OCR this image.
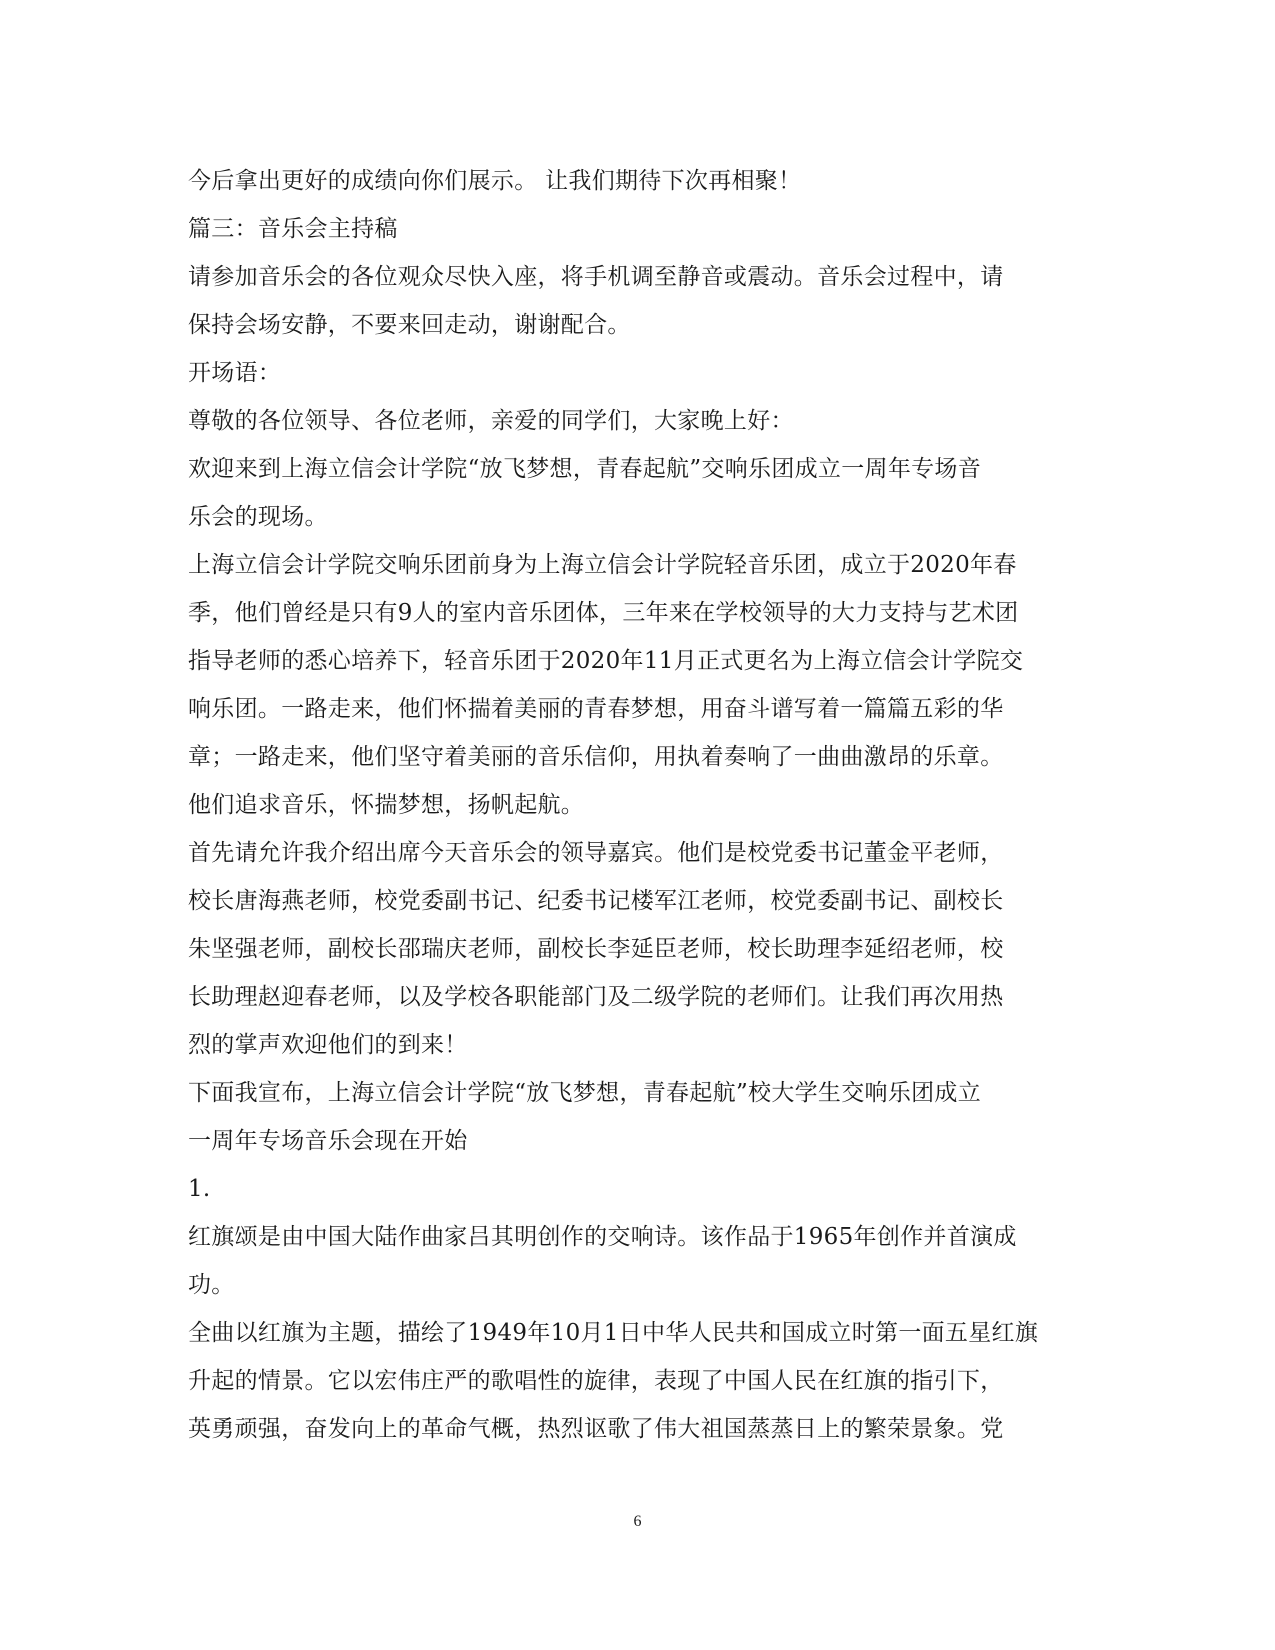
今后拿出更好的成绩向你们展示。 让我们期待下次再相聚！
篇三：音乐会主持稿
请参加音乐会的各位观众尽快入座，将手机调至静音或震动。音乐会过程中，请
保持会场安静，不要来回走动，谢谢配合。
开场语：
尊敬的各位领导、各位老师，亲爱的同学们，大家晚上好：
欢迎来到上海立信会计学院“放飞梦想，青春起航”交响乐团成立一周年专场音
乐会的现场。
上海立信会计学院交响乐团前身为上海立信会计学院轻音乐团，成立于2020年春
季，他们曾经是只有9人的室内音乐团体，三年来在学校领导的大力支持与艺术团
指导老师的悉心培养下，轻音乐团于2020年11月正式更名为上海立信会计学院交
响乐团。一路走来，他们怀揣着美丽的青春梦想，用奋斗谱写着一篇篇五彩的华
章；一路走来，他们坚守着美丽的音乐信仰，用执着奏响了一曲曲激昂的乐章。
他们追求音乐，怀揣梦想，扬帆起航。
首先请允许我介绍出席今天音乐会的领导嘉宾。他们是校党委书记董金平老师，
校长唐海燕老师，校党委副书记、纪委书记楼军江老师，校党委副书记、副校长
朱坚强老师，副校长邵瑞庆老师，副校长李延臣老师，校长助理李延绍老师，校
长助理赵迎春老师，以及学校各职能部门及二级学院的老师们。让我们再次用热
烈的掌声欢迎他们的到来！
下面我宣布，上海立信会计学院“放飞梦想，青春起航”校大学生交响乐团成立
一周年专场音乐会现在开始
1.
红旗颂是由中国大陆作曲家吕其明创作的交响诗。该作品于1965年创作并首演成
功。
全曲以红旗为主题，描绘了1949年10月1日中华人民共和国成立时第一面五星红旗
升起的情景。它以宏伟庄严的歌唱性的旋律，表现了中国人民在红旗的指引下，
英勇顽强，奋发向上的革命气概，热烈讴歌了伟大祖国蒸蒸日上的繁荣景象。党
6
